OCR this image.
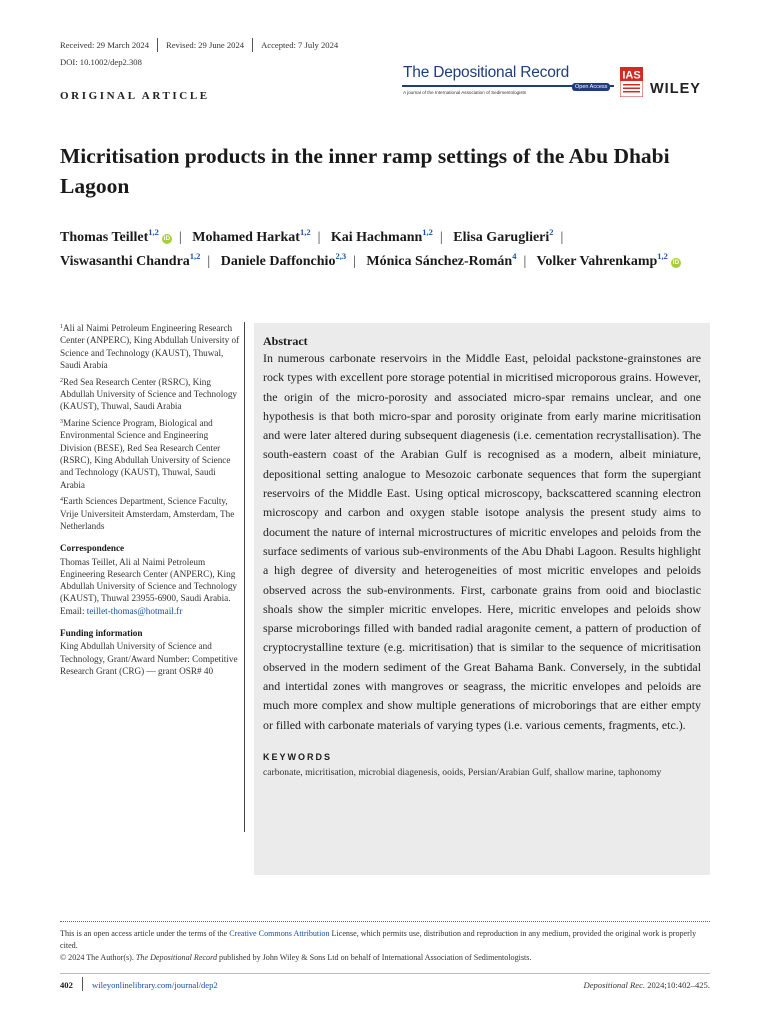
Received: 29 March 2024 Revised: 29 June 2024 Accepted: 7 July 2024
DOI: 10.1002/dep2.308
ORIGINAL ARTICLE
The Depositional Record
Open Access
A journal of the International Association of Sedimentologists
IAS
WILEY
Micritisation products in the inner ramp settings of the Abu Dhabi Lagoon
Thomas Teillet$^{1,2}$iD | Mohamed Harkat$^{1,2}$ | Kai Hachmann$^{1,2}$ | Elisa Garuglieri$^2$ | Viswasanthi Chandra$^{1,2}$ | Daniele Daffonchio$^{2,3}$ | Mónica Sánchez-Román$^4$ | Volker Vahrenkamp$^{1,2}$iD
$^1$Ali al Naimi Petroleum Engineering Research Center (ANPERC), King Abdullah University of Science and Technology (KAUST), Thuwal, Saudi Arabia
$^2$Red Sea Research Center (RSRC), King Abdullah University of Science and Technology (KAUST), Thuwal, Saudi Arabia
$^3$Marine Science Program, Biological and Environmental Science and Engineering Division (BESE), Red Sea Research Center (RSRC), King Abdullah University of Science and Technology (KAUST), Thuwal, Saudi Arabia
$^4$Earth Sciences Department, Science Faculty, Vrije Universiteit Amsterdam, Amsterdam, The Netherlands
Correspondence
Thomas Teillet, Ali al Naimi Petroleum Engineering Research Center (ANPERC), King Abdullah University of Science and Technology (KAUST), Thuwal 23955-6900, Saudi Arabia.
Email: teillet-thomas@hotmail.fr
Funding information
King Abdullah University of Science and Technology, Grant/Award Number: Competitive Research Grant (CRG) — grant OSR# 40
Abstract

In numerous carbonate reservoirs in the Middle East, peloidal packstone-grainstones are rock types with excellent pore storage potential in micritised microporous grains. However, the origin of the micro-porosity and associated micro-spar remains unclear, and one hypothesis is that both micro-spar and porosity originate from early marine micritisation and were later altered during subsequent diagenesis (i.e. cementation recrystallisation). The south-eastern coast of the Arabian Gulf is recognised as a modern, albeit miniature, depositional setting analogue to Mesozoic carbonate sequences that form the supergiant reservoirs of the Middle East. Using optical microscopy, backscattered scanning electron microscopy and carbon and oxygen stable isotope analysis the present study aims to document the nature of internal microstructures of micritic envelopes and peloids from the surface sediments of various sub-environments of the Abu Dhabi Lagoon. Results highlight a high degree of diversity and heterogeneities of most micritic envelopes and peloids observed across the sub-environments. First, carbonate grains from ooid and bioclastic shoals show the simpler micritic envelopes. Here, micritic envelopes and peloids show sparse microborings filled with banded radial aragonite cement, a pattern of production of cryptocrystalline texture (e.g. micritisation) that is similar to the sequence of micritisation observed in the modern sediment of the Great Bahama Bank. Conversely, in the subtidal and intertidal zones with mangroves or seagrass, the micritic envelopes and peloids are much more complex and show multiple generations of microborings that are either empty or filled with carbonate materials of varying types (i.e. various cements, fragments, etc.).

KEYWORDS
carbonate, micritisation, microbial diagenesis, ooids, Persian/Arabian Gulf, shallow marine, taphonomy
This is an open access article under the terms of the Creative Commons Attribution License, which permits use, distribution and reproduction in any medium, provided the original work is properly cited.
© 2024 The Author(s). The Depositional Record published by John Wiley & Sons Ltd on behalf of International Association of Sedimentologists.
402 wileyonlinelibrary.com/journal/dep2	Depositional Rec. 2024;10:402–425.
